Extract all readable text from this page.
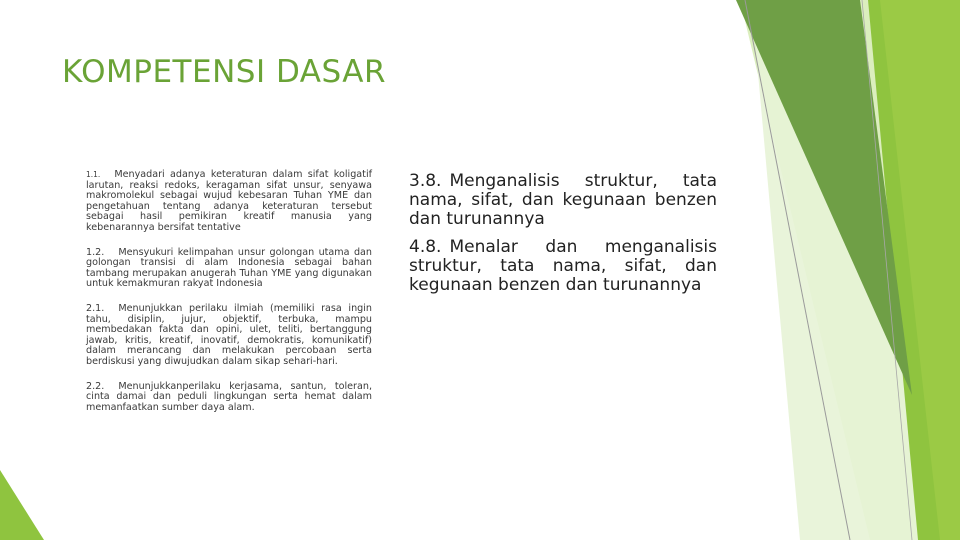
KOMPETENSI DASAR
1.1. Menyadari adanya keteraturan dalam sifat koligatif larutan, reaksi redoks, keragaman sifat unsur, senyawa makromolekul sebagai wujud kebesaran Tuhan YME dan pengetahuan tentang adanya keteraturan tersebut sebagai hasil pemikiran kreatif manusia yang kebenarannya bersifat tentative
1.2. Mensyukuri kelimpahan unsur golongan utama dan golongan transisi di alam Indonesia sebagai bahan tambang merupakan anugerah Tuhan YME yang digunakan untuk kemakmuran rakyat Indonesia
2.1. Menunjukkan perilaku ilmiah (memiliki rasa ingin tahu, disiplin, jujur, objektif, terbuka, mampu membedakan fakta dan opini, ulet, teliti, bertanggung jawab, kritis, kreatif, inovatif, demokratis, komunikatif) dalam merancang dan melakukan percobaan serta berdiskusi yang diwujudkan dalam sikap sehari-hari.
2.2. Menunjukkanperilaku kerjasama, santun, toleran, cinta damai dan peduli lingkungan serta hemat dalam memanfaatkan sumber daya alam.
3.8. Menganalisis struktur, tata nama, sifat, dan kegunaan benzen dan turunannya
4.8. Menalar dan menganalisis struktur, tata nama, sifat, dan kegunaan benzen dan turunannya
